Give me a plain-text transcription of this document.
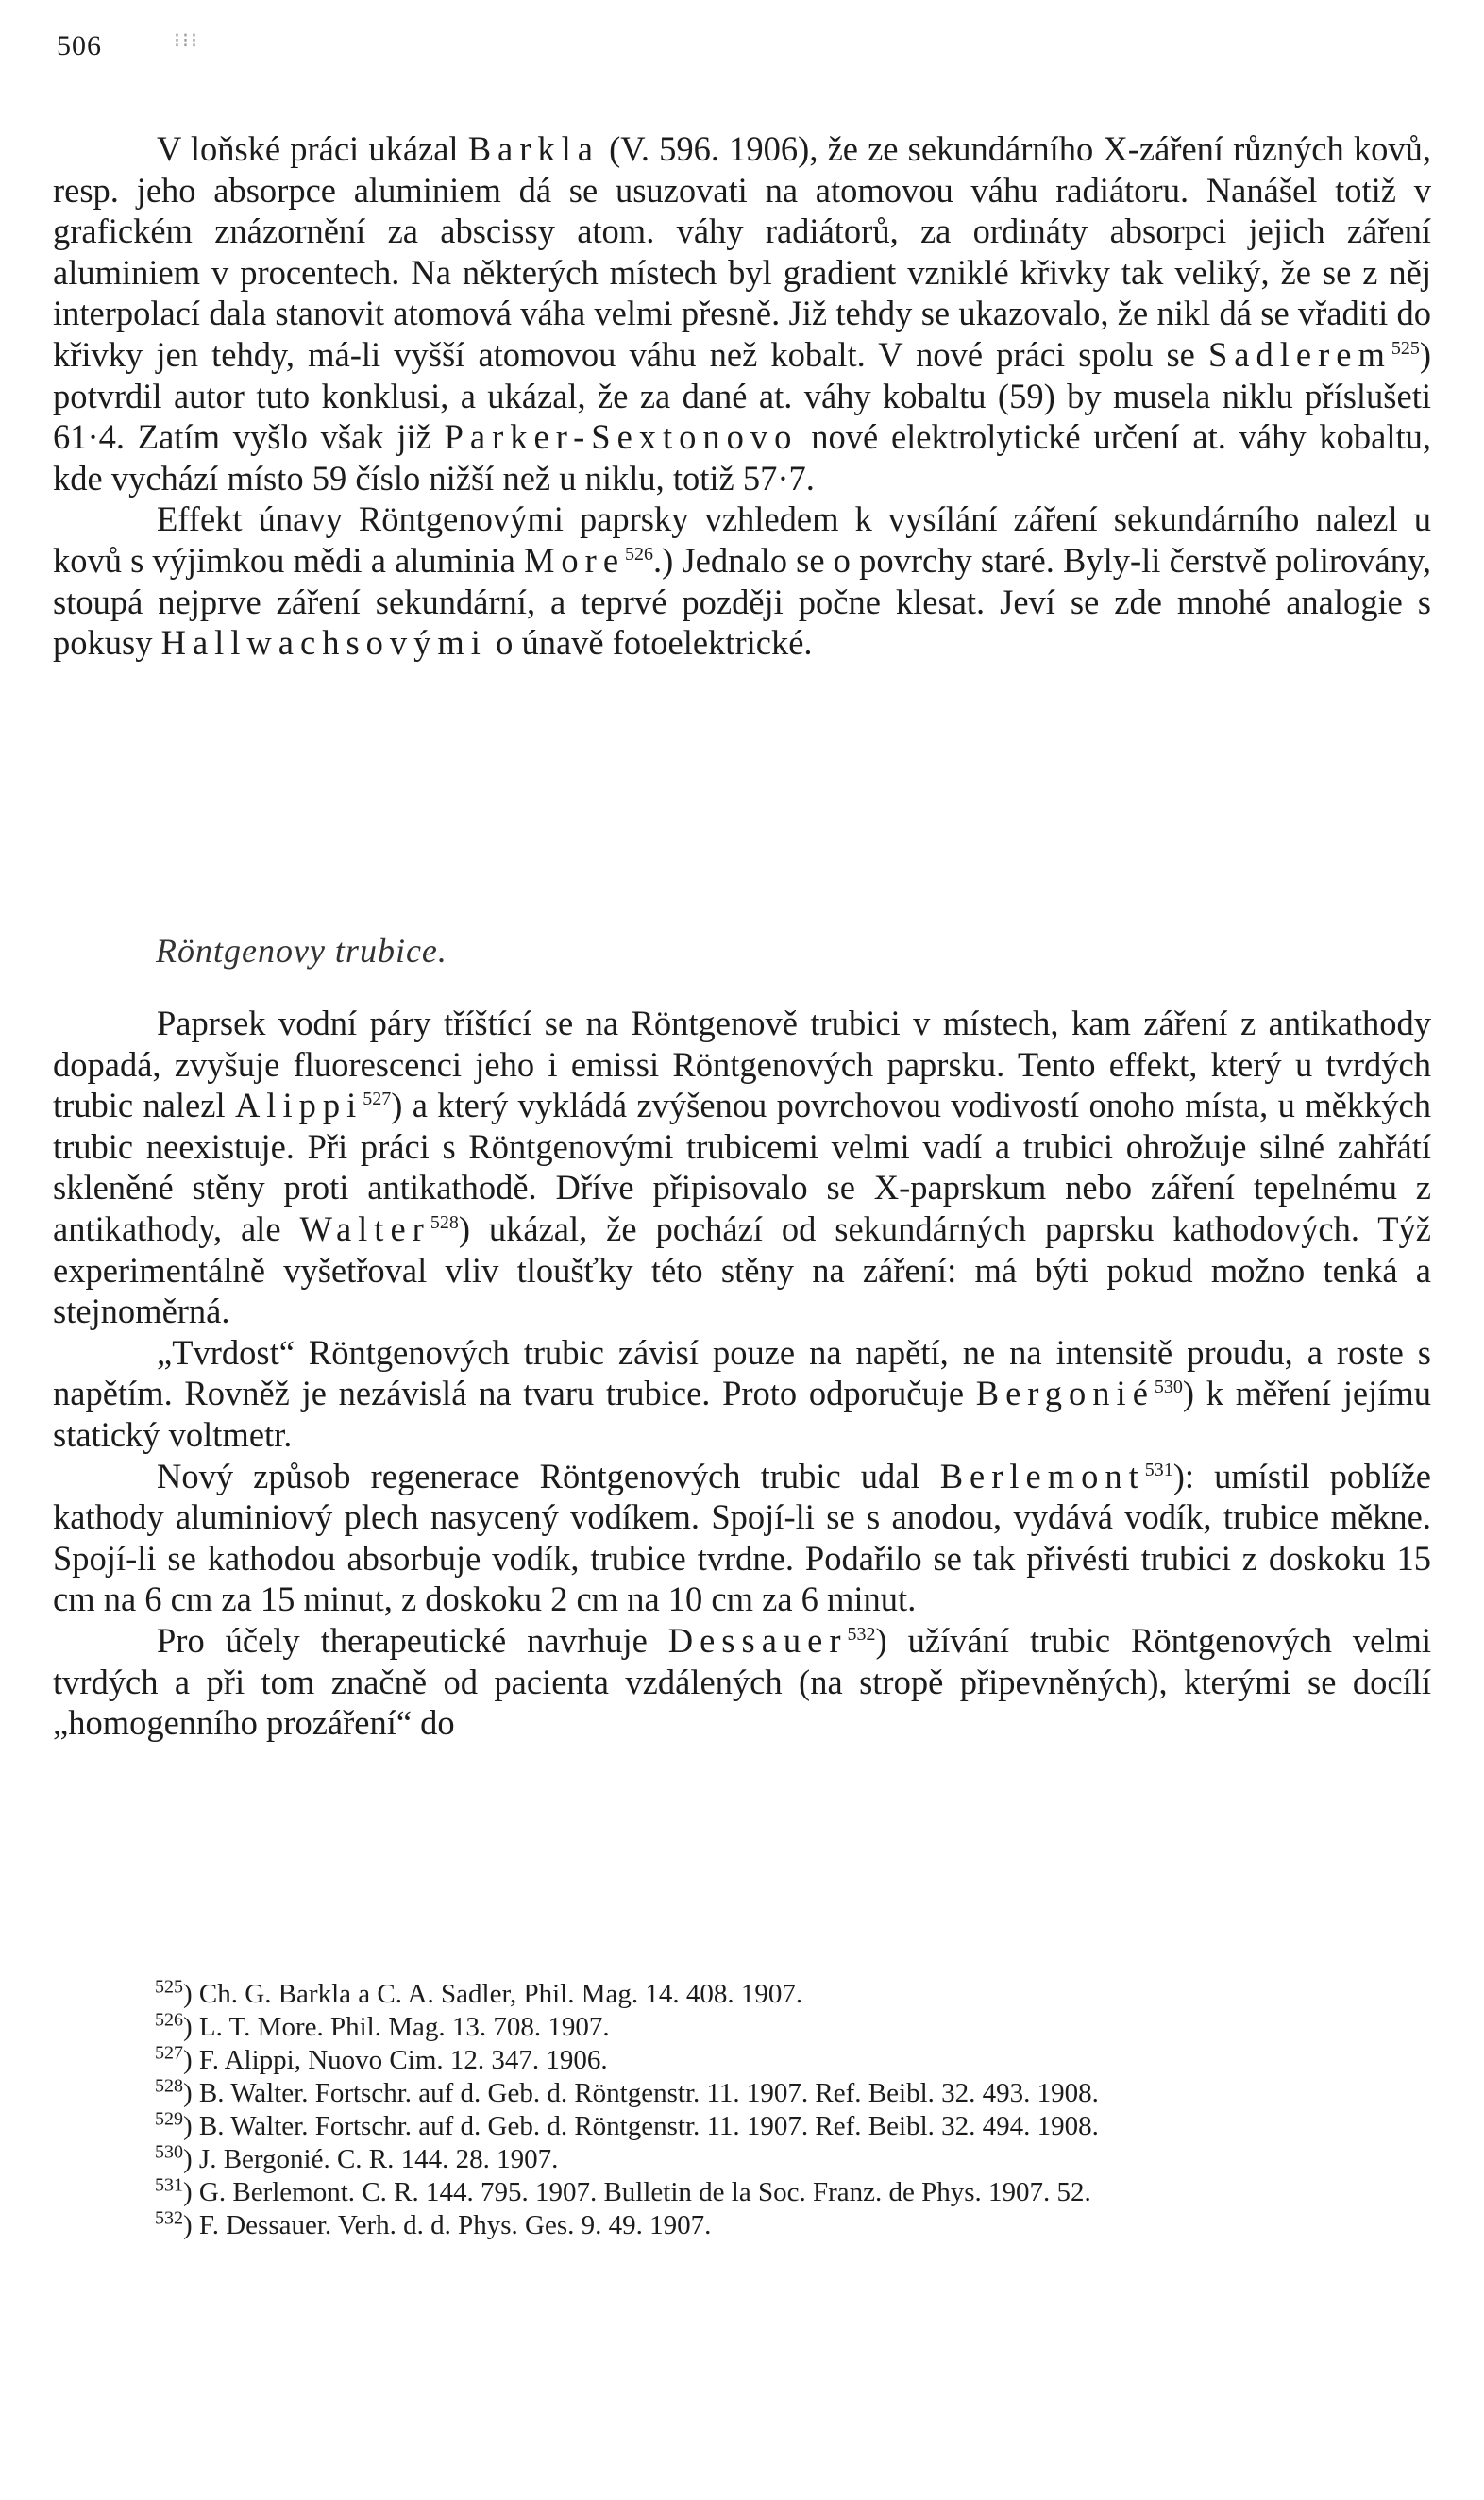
506	⁝⁝⁝

V loňské práci ukázal Barkla (V. 596. 1906), že ze sekundárního X-záření různých kovů, resp. jeho absorpce aluminiem dá se usuzovati na atomovou váhu radiátoru. Nanášel totiž v grafickém znázornění za abscissy atom. váhy radiátorů, za ordináty absorpci jejich záření aluminiem v procentech. Na některých místech byl gradient vzniklé křivky tak veliký, že se z něj interpolací dala stanovit atomová váha velmi přesně. Již tehdy se ukazovalo, že nikl dá se vřaditi do křivky jen tehdy, má-li vyšší atomovou váhu než kobalt. V nové práci spolu se Sadlerem$^{525}$) potvrdil autor tuto konklusi, a ukázal, že za dané at. váhy kobaltu (59) by musela niklu příslušeti 61·4. Zatím vyšlo však již Parker-Sextonovo nové elektrolytické určení at. váhy kobaltu, kde vychází místo 59 číslo nižší než u niklu, totiž 57·7.

Effekt únavy Röntgenovými paprsky vzhledem k vysílání záření sekundárního nalezl u kovů s výjimkou mědi a aluminia More$^{526}$.) Jednalo se o povrchy staré. Byly-li čerstvě polirovány, stoupá nejprve záření sekundární, a teprvé později počne klesat. Jeví se zde mnohé analogie s pokusy Hallwachsovými o únavě fotoelektrické.

Röntgenovy trubice.

Paprsek vodní páry tříštící se na Röntgenově trubici v místech, kam záření z antikathody dopadá, zvyšuje fluorescenci jeho i emissi Röntgenových paprsku. Tento effekt, který u tvrdých trubic nalezl Alippi$^{527}$) a který vykládá zvýšenou povrchovou vodivostí onoho místa, u měkkých trubic neexistuje. Při práci s Röntgenovými trubicemi velmi vadí a trubici ohrožuje silné zahřátí skleněné stěny proti antikathodě. Dříve připisovalo se X-paprskum nebo záření tepelnému z antikathody, ale Walter$^{528}$) ukázal, že pochází od sekundárných paprsku kathodových. Týž experimentálně vyšetřoval vliv tloušťky této stěny na záření: má býti pokud možno tenká a stejnoměrná.

„Tvrdost“ Röntgenových trubic závisí pouze na napětí, ne na intensitě proudu, a roste s napětím. Rovněž je nezávislá na tvaru trubice. Proto odporučuje Bergonié$^{530}$) k měření jejímu statický voltmetr.

Nový způsob regenerace Röntgenových trubic udal Berlemont$^{531}$): umístil poblíže kathody aluminiový plech nasycený vodíkem. Spojí-li se s anodou, vydává vodík, trubice měkne. Spojí-li se kathodou absorbuje vodík, trubice tvrdne. Podařilo se tak přivésti trubici z doskoku 15 cm na 6 cm za 15 minut, z doskoku 2 cm na 10 cm za 6 minut.

Pro účely therapeutické navrhuje Dessauer$^{532}$) užívání trubic Röntgenových velmi tvrdých a při tom značně od pacienta vzdálených (na stropě připevněných), kterými se docílí „homogenního prozáření“ do

$^{525}$) Ch. G. Barkla a C. A. Sadler, Phil. Mag. 14. 408. 1907.

$^{526}$) L. T. More. Phil. Mag. 13. 708. 1907.

$^{527}$) F. Alippi, Nuovo Cim. 12. 347. 1906.

$^{528}$) B. Walter. Fortschr. auf d. Geb. d. Röntgenstr. 11. 1907. Ref. Beibl. 32. 493. 1908.

$^{529}$) B. Walter. Fortschr. auf d. Geb. d. Röntgenstr. 11. 1907. Ref. Beibl. 32. 494. 1908.

$^{530}$) J. Bergonié. C. R. 144. 28. 1907.

$^{531}$) G. Berlemont. C. R. 144. 795. 1907. Bulletin de la Soc. Franz. de Phys. 1907. 52.

$^{532}$) F. Dessauer. Verh. d. d. Phys. Ges. 9. 49. 1907.
